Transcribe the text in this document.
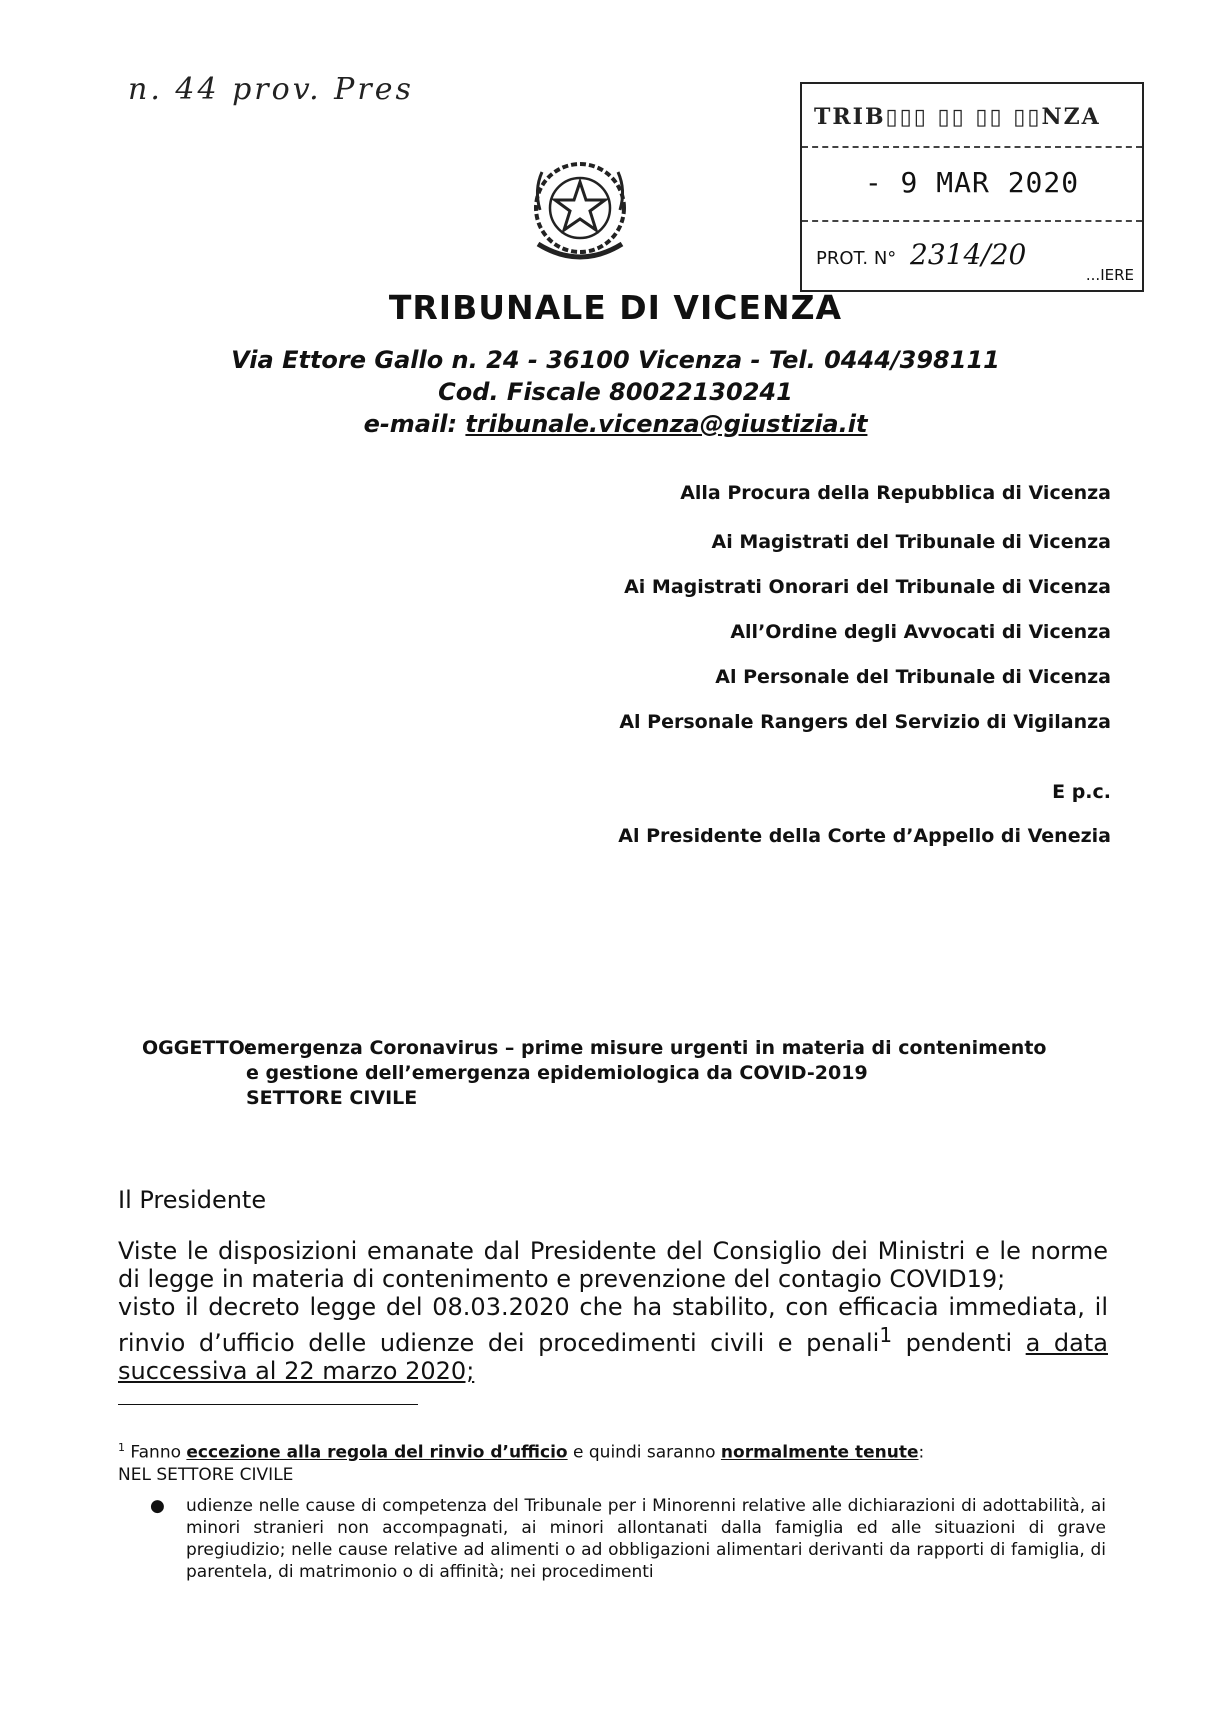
n. 44 prov. Pres
TRIB▯▯▯ ▯▯ ▯▯ ▯▯NZA
- 9 MAR 2020
PROT. N° 2314/20
...IERE
TRIBUNALE DI VICENZA
Via Ettore Gallo n. 24 - 36100 Vicenza - Tel. 0444/398111
Cod. Fiscale 80022130241
e-mail: tribunale.vicenza@giustizia.it
Alla Procura della Repubblica di Vicenza
Ai Magistrati del Tribunale di Vicenza
Ai Magistrati Onorari del Tribunale di Vicenza
All’Ordine degli Avvocati di Vicenza
Al Personale del Tribunale di Vicenza
Al Personale Rangers del Servizio di Vigilanza
E p.c.
Al Presidente della Corte d’Appello di Venezia
OGGETTO:emergenza Coronavirus – prime misure urgenti in materia di contenimento
e gestione dell’emergenza epidemiologica da COVID-2019
SETTORE CIVILE
Il Presidente
Viste le disposizioni emanate dal Presidente del Consiglio dei Ministri e le norme di legge in materia di contenimento e prevenzione del contagio COVID19;
visto il decreto legge del 08.03.2020 che ha stabilito, con efficacia immediata, il rinvio d’ufficio delle udienze dei procedimenti civili e penali$^1$ pendenti a data successiva al 22 marzo 2020;
$^1$ Fanno eccezione alla regola del rinvio d’ufficio e quindi saranno normalmente tenute:
NEL SETTORE CIVILE
● udienze nelle cause di competenza del Tribunale per i Minorenni relative alle dichiarazioni di adottabilità, ai minori stranieri non accompagnati, ai minori allontanati dalla famiglia ed alle situazioni di grave pregiudizio; nelle cause relative ad alimenti o ad obbligazioni alimentari derivanti da rapporti di famiglia, di parentela, di matrimonio o di affinità; nei procedimenti
